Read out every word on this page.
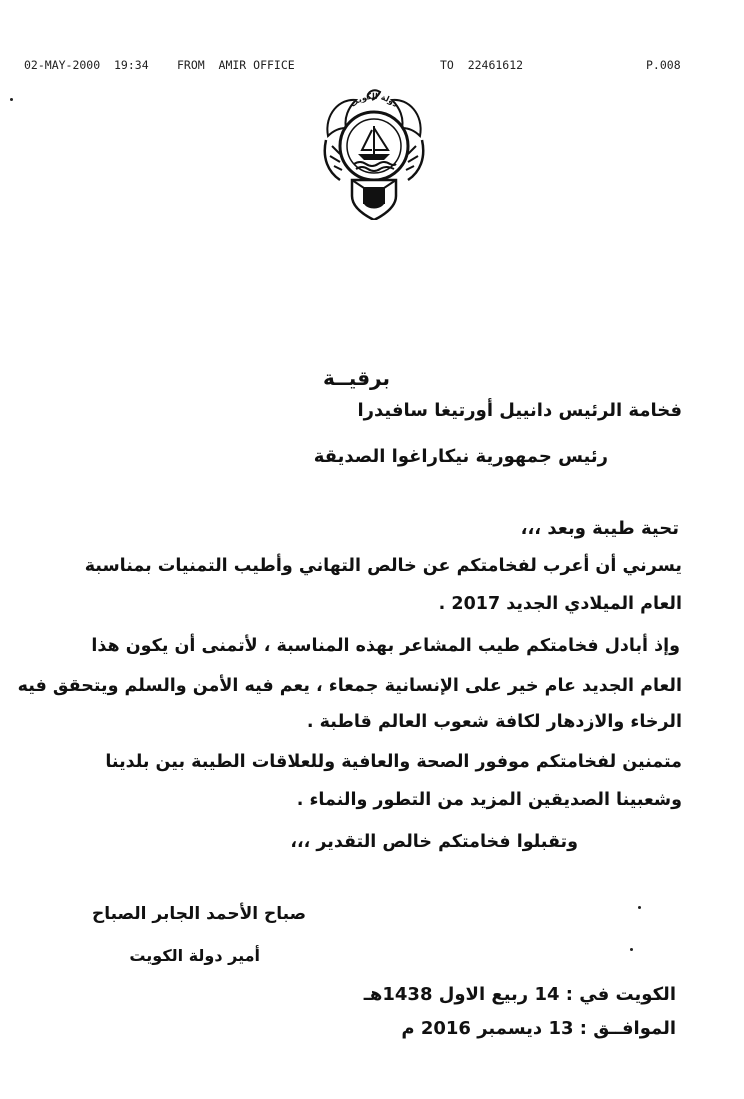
02-MAY-2000  19:34 FROM  AMIR OFFICE	TO  22461612	P.008
دولة الكويت
برقيــة
فخامة الرئيس دانييل أورتيغا سافيدرا
رئيس جمهورية نيكاراغوا الصديقة
تحية طيبة وبعد ،،،
يسرني أن أعرب لفخامتكم عن خالص التهاني وأطيب التمنيات بمناسبة
العام الميلادي الجديد 2017 .
وإذ أبادل فخامتكم طيب المشاعر بهذه المناسبة ، لأتمنى أن يكون هذا
العام الجديد عام خير على الإنسانية جمعاء ، يعم فيه الأمن والسلم ويتحقق فيه
الرخاء والازدهار لكافة شعوب العالم قاطبة .
متمنين لفخامتكم موفور الصحة والعافية وللعلاقات الطيبة بين بلدينا
وشعبينا الصديقين المزيد من التطور والنماء .
وتقبلوا فخامتكم خالص التقدير ،،،
صباح الأحمد الجابر الصباح
أمير دولة الكويت
الكويت في : 14 ربيع الاول 1438هـ
الموافــق : 13 ديسمبر 2016 م
